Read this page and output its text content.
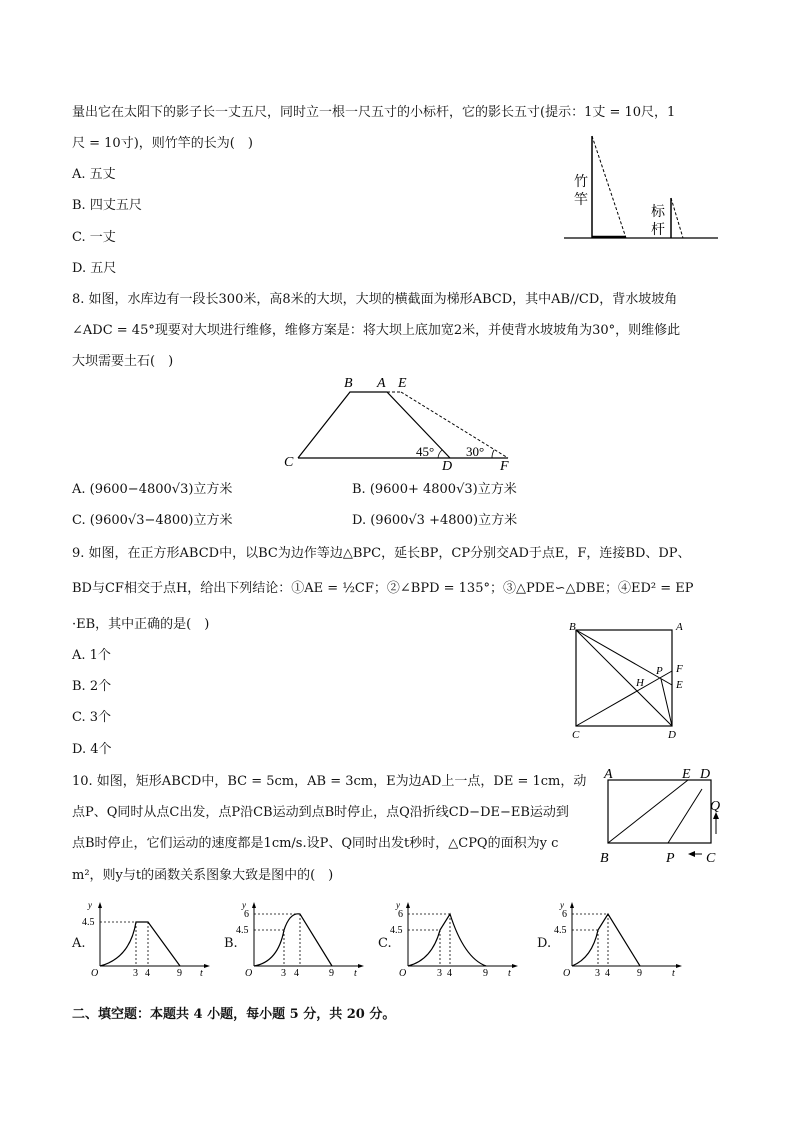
量出它在太阳下的影子长一丈五尺，同时立一根一尺五寸的小标杆，它的影长五寸(提示：1丈 = 10尺，1
尺 = 10寸)，则竹竿的长为(　)
A. 五丈
B. 四丈五尺
C. 一丈
D. 五尺
竹
竿
标
杆
8. 如图，水库边有一段长300米，高8米的大坝，大坝的横截面为梯形ABCD，其中AB//CD，背水坡坡角
∠ADC = 45°现要对大坝进行维修，维修方案是：将大坝上底加宽2米，并使背水坡坡角为30°，则维修此
大坝需要土石(　)
B A E
C	D	F
45° 30°
A. (9600−4800√3)立方米	B. (9600+ 4800√3)立方米
C. (9600√3−4800)立方米	D. (9600√3 +4800)立方米
9. 如图，在正方形ABCD中，以BC为边作等边△BPC，延长BP，CP分别交AD于点E，F，连接BD、DP、
BD与CF相交于点H，给出下列结论：①AE = ½CF；②∠BPD = 135°；③△PDE∽△DBE；④ED² = EP
·EB，其中正确的是(　)
A. 1个
B. 2个
C. 3个
D. 4个
B	A
P F
H	E
C	D
10. 如图，矩形ABCD中，BC = 5cm，AB = 3cm，E为边AD上一点，DE = 1cm，动
点P、Q同时从点C出发，点P沿CB运动到点B时停止，点Q沿折线CD−DE−EB运动到
点B时停止，它们运动的速度都是1cm/s.设P、Q同时出发t秒时，△CPQ的面积为y c
m²，则y与t的函数关系图象大致是图中的(　)
A	E D
Q
B	P C
A.
y
4.5
O	3 4	9 t
B.
y
6
4.5
O	3 4	9 t
C.
y
6
4.5
O	3 4	9 t
D.
y
6
4.5
O 3 4	9	t
二、填空题：本题共 4 小题，每小题 5 分，共 20 分。
